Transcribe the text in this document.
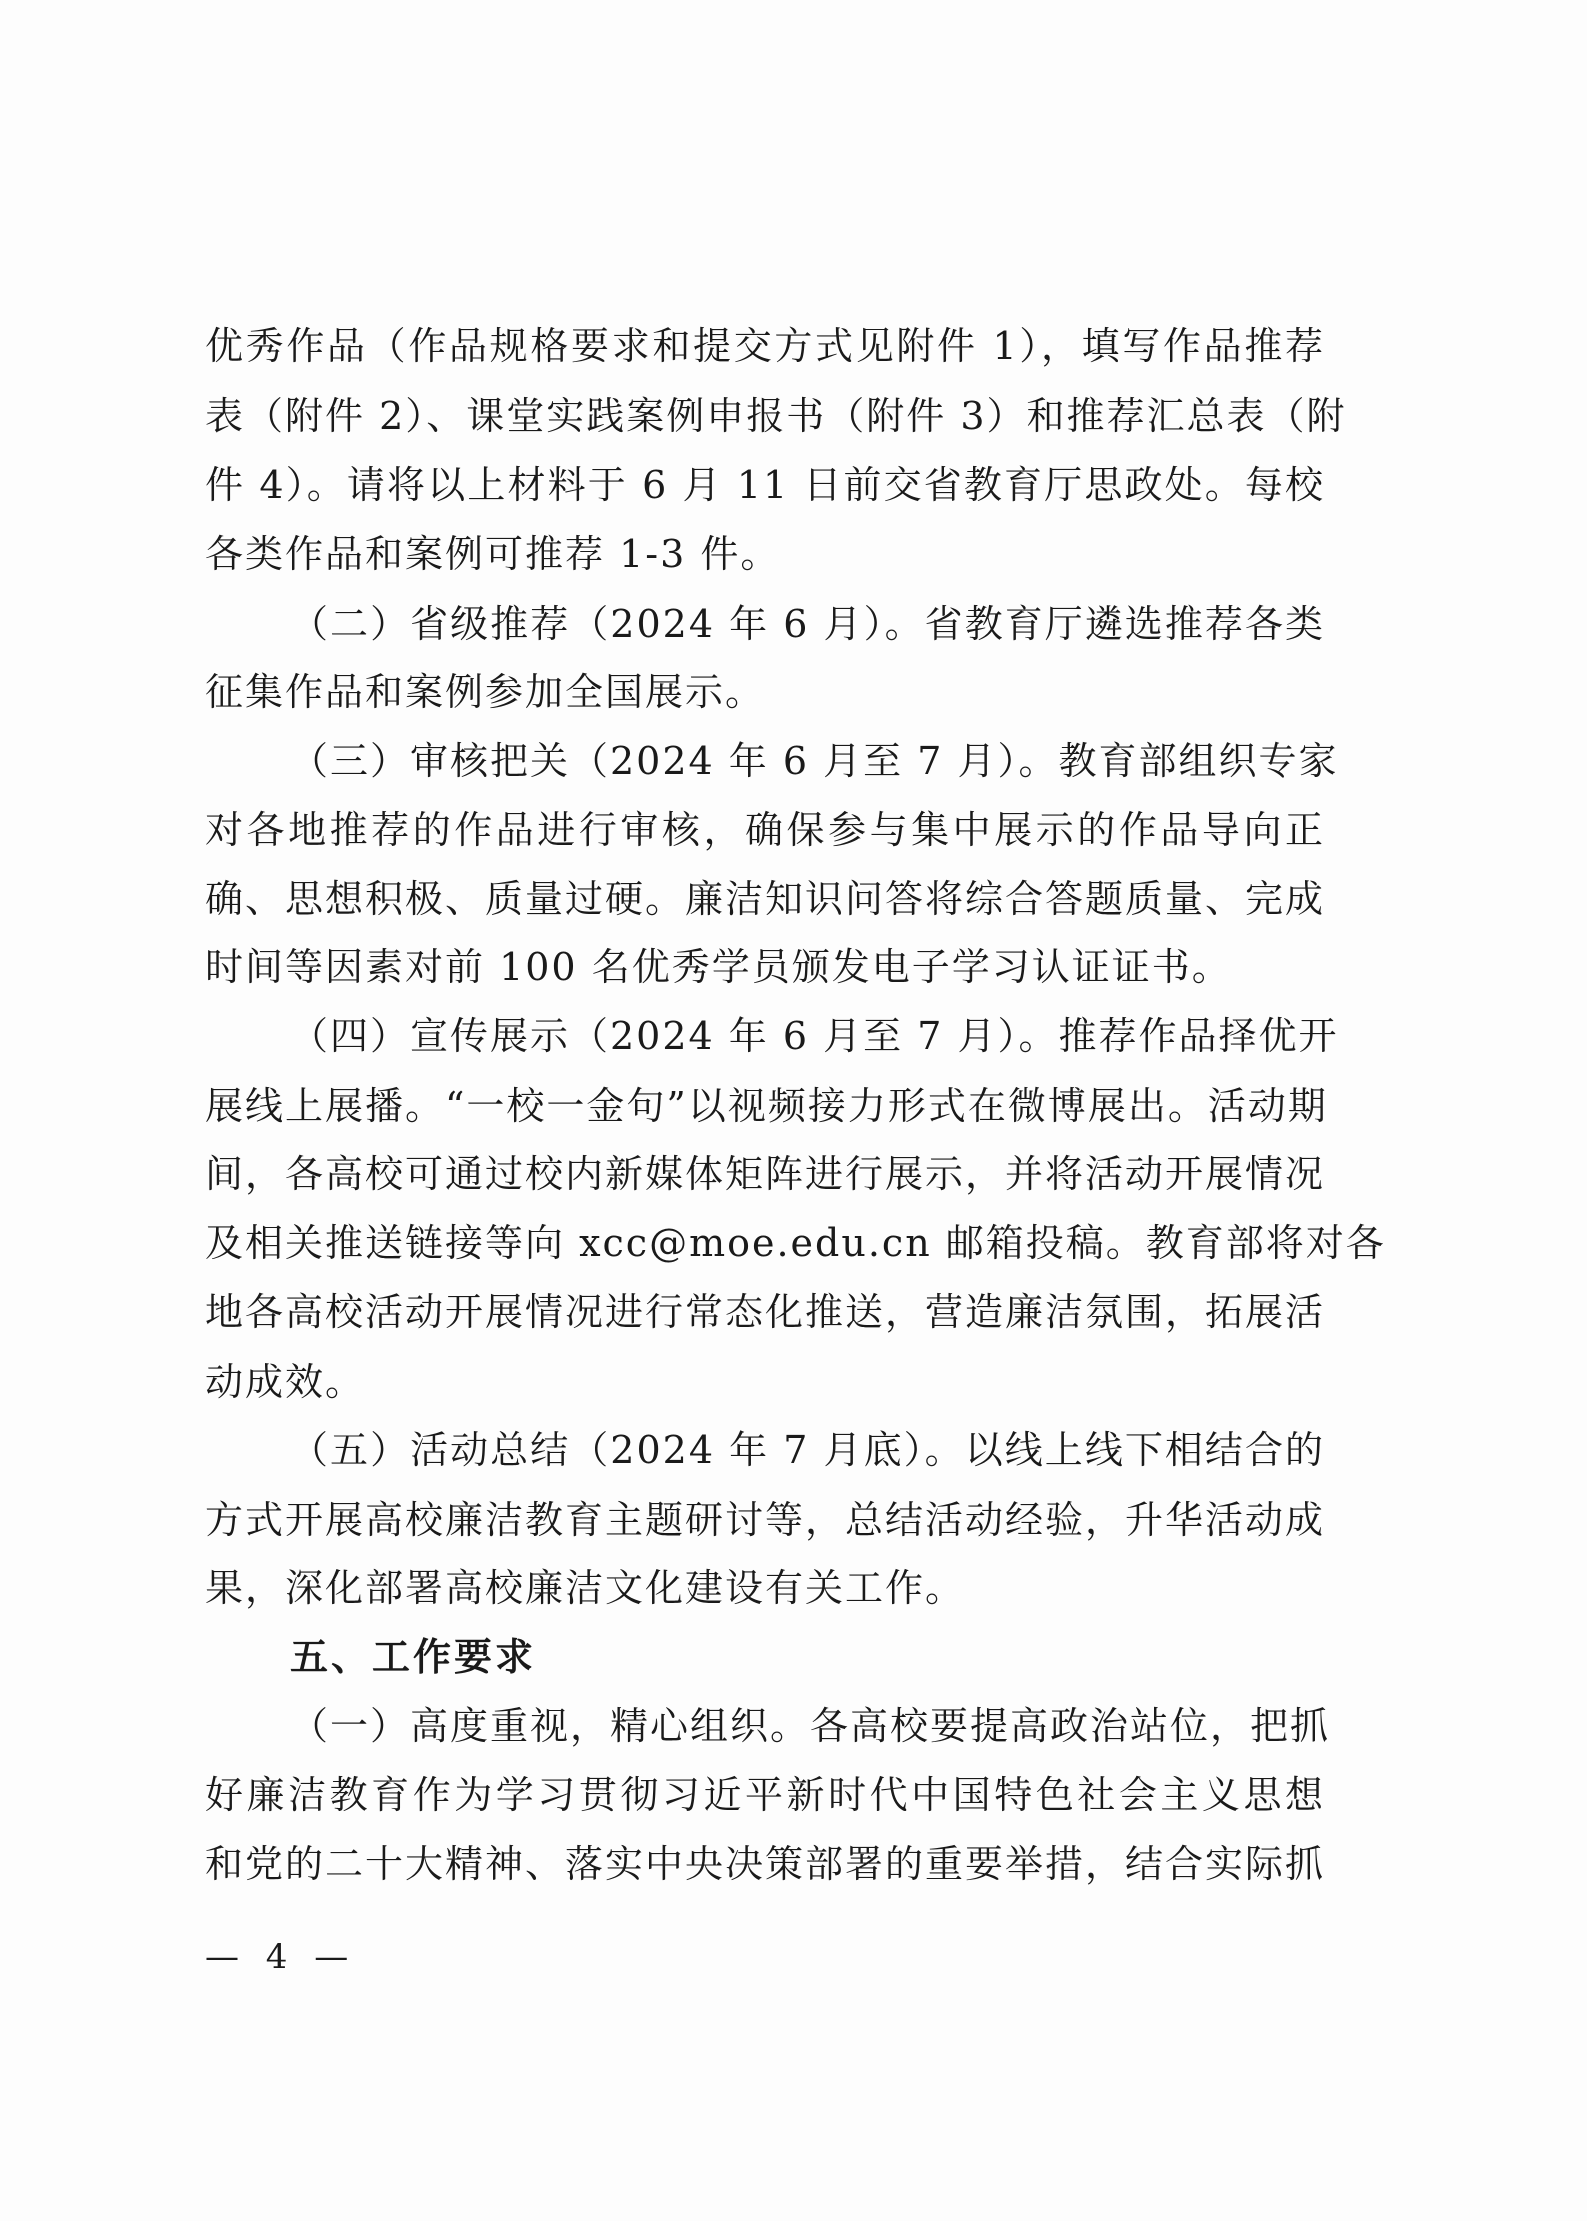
优秀作品（作品规格要求和提交方式见附件 1），填写作品推荐
表（附件 2）、课堂实践案例申报书（附件 3）和推荐汇总表（附
件 4）。请将以上材料于 6 月 11 日前交省教育厅思政处。每校
各类作品和案例可推荐 1-3 件。
（二）省级推荐（2024 年 6 月）。省教育厅遴选推荐各类
征集作品和案例参加全国展示。
（三）审核把关（2024 年 6 月至 7 月）。教育部组织专家
对各地推荐的作品进行审核，确保参与集中展示的作品导向正
确、思想积极、质量过硬。廉洁知识问答将综合答题质量、完成
时间等因素对前 100 名优秀学员颁发电子学习认证证书。
（四）宣传展示（2024 年 6 月至 7 月）。推荐作品择优开
展线上展播。“一校一金句”以视频接力形式在微博展出。活动期
间，各高校可通过校内新媒体矩阵进行展示，并将活动开展情况
及相关推送链接等向 xcc@moe.edu.cn 邮箱投稿。教育部将对各
地各高校活动开展情况进行常态化推送，营造廉洁氛围，拓展活
动成效。
（五）活动总结（2024 年 7 月底）。以线上线下相结合的
方式开展高校廉洁教育主题研讨等，总结活动经验，升华活动成
果，深化部署高校廉洁文化建设有关工作。
五、工作要求
（一）高度重视，精心组织。各高校要提高政治站位，把抓
好廉洁教育作为学习贯彻习近平新时代中国特色社会主义思想
和党的二十大精神、落实中央决策部署的重要举措，结合实际抓
— 4 —
